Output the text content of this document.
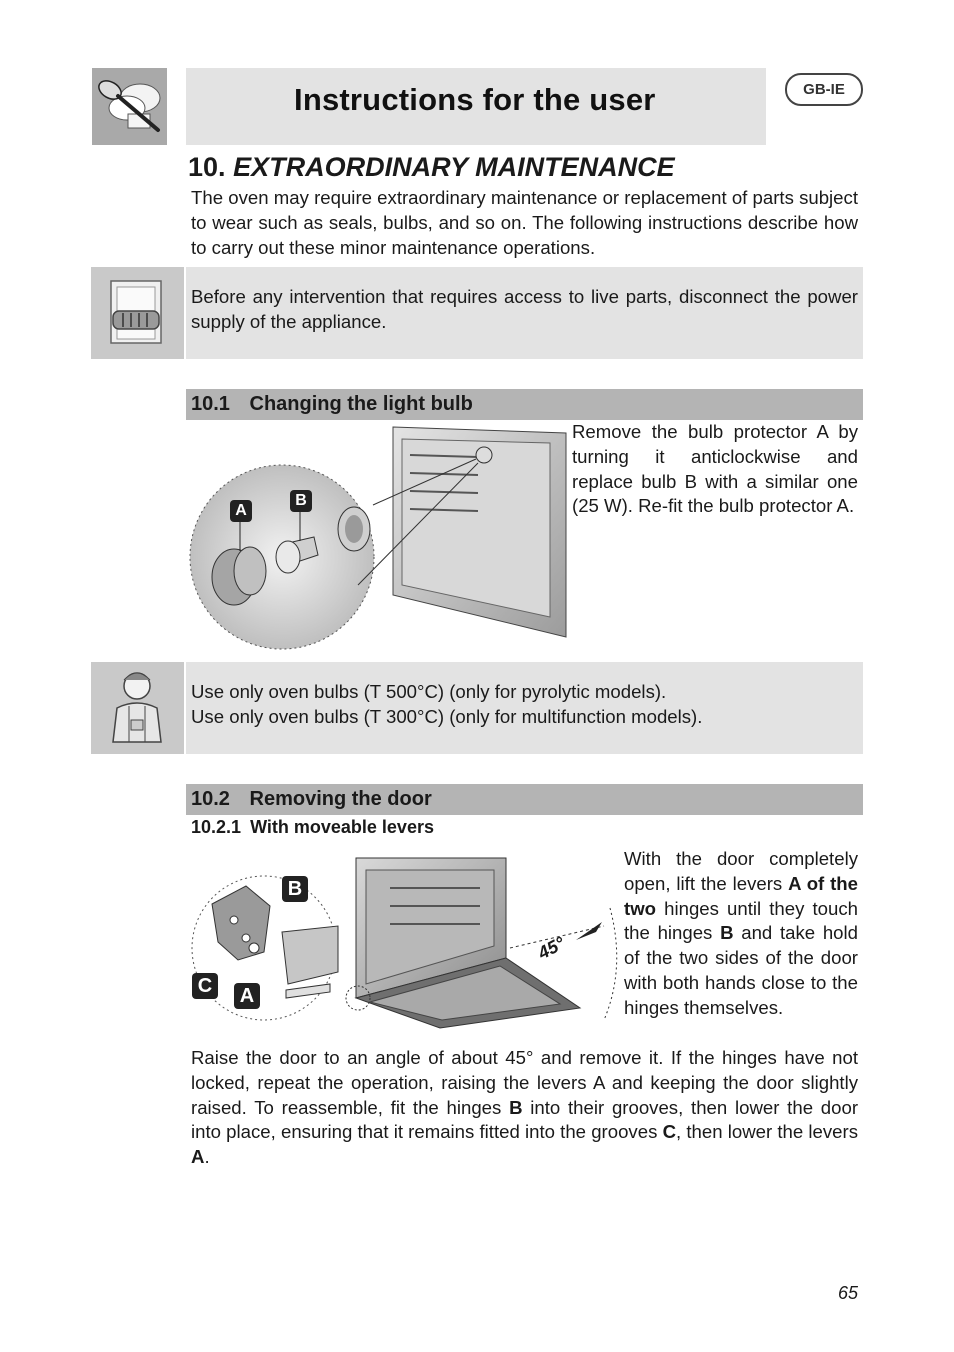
Instructions for the user	GB-IE
10. EXTRAORDINARY MAINTENANCE
The oven may require extraordinary maintenance or replacement of parts subject to wear such as seals, bulbs, and so on. The following instructions describe how to carry out these minor maintenance operations.
Before any intervention that requires access to live parts, disconnect the power supply of the appliance.
10.1 Changing the light bulb
A
B
Remove the bulb protector A by turning it anticlockwise and replace bulb B with a similar one (25 W). Re-fit the bulb protector A.
Use only oven bulbs (T 500°C) (only for pyrolytic models).
Use only oven bulbs (T 300°C) (only for multifunction models).
10.2 Removing the door
10.2.1 With moveable levers
45°
B
C A
With the door completely open, lift the levers A of the two hinges until they touch the hinges B and take hold of the two sides of the door with both hands close to the hinges themselves.
Raise the door to an angle of about 45° and remove it. If the hinges have not locked, repeat the operation, raising the levers A and keeping the door slightly raised. To reassemble, fit the hinges B into their grooves, then lower the door into place, ensuring that it remains fitted into the grooves C, then lower the levers A.
65
